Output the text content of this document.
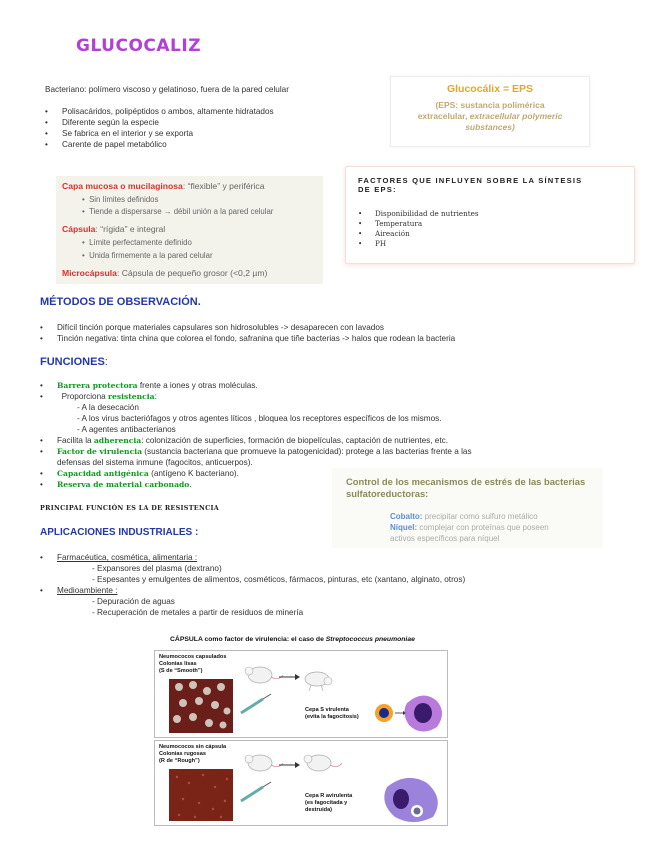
GLUCOCALIZ
Bacteriano: polímero viscoso y gelatinoso, fuera de la pared celular
• Polisacáridos, polipéptidos o ambos, altamente hidratados
• Diferente según la especie
• Se fabrica en el interior y se exporta
• Carente de papel metabólico
Glucocálix = EPS
(EPS: sustancia polimérica
extracelular, extracellular polymeric
substances)
Capa mucosa o mucilaginosa: “flexible” y periférica
•  Sin límites definidos
•  Tiende a dispersarse → débil unión a la pared celular
Cápsula: “rígida” e integral
•  Límite perfectamente definido
•  Unida firmemente a la pared celular
Microcápsula: Cápsula de pequeño grosor (<0,2 µm)
FACTORES QUE INFLUYEN SOBRE LA SÍNTESIS
DE EPS:
• Disponibilidad de nutrientes
• Temperatura
• Aireación
• PH
MÉTODOS DE OBSERVACIÓN.
• Difícil tinción porque materiales capsulares son hidrosolubles -> desaparecen con lavados
• Tinción negativa: tinta china que colorea el fondo, safranina que tiñe bacterias -> halos que rodean la bacteria
FUNCIONES:
• Barrera protectora frente a iones y otras moléculas.
• Proporciona resistencia:
- A la desecación
- A los virus bacteriófagos y otros agentes líticos , bloquea los receptores específicos de los mismos.
- A agentes antibacterianos
• Facilita la adherencia: colonización de superficies, formación de biopelículas, captación de nutrientes, etc.
• Factor de virulencia (sustancia bacteriana que promueve la patogenicidad): protege a las bacterias frente a las
defensas del sistema inmune (fagocitos, anticuerpos).
• Capacidad antigénica (antígeno K bacteriano).
• Reserva de material carbonado.
PRINCIPAL FUNCIÓN ES LA DE RESISTENCIA
Control de los mecanismos de estrés de las bacterias
sulfatoreductoras:
Cobalto: precipitar como sulfuro metálico
Níquel: complejar con proteínas que poseen
activos específicos para níquel
APLICACIONES INDUSTRIALES :
• Farmacéutica, cosmética, alimentaria :
- Expansores del plasma (dextrano)
- Espesantes y emulgentes de alimentos, cosméticos, fármacos, pinturas, etc (xantano, alginato, otros)
• Medioambiente :
- Depuración de aguas
- Recuperación de metales a partir de residuos de minería
CÁPSULA como factor de virulencia: el caso de Streptococcus pneumoniae
Neumococos capsulados
Colonias lisas
(S de “Smooth”)
Cepa S virulenta
(evita la fagocitosis)
Neumococos sin cápsula
Colonias rugosas
(R de “Rough”)
Cepa R avirulenta
(es fagocitada y
destruida)
